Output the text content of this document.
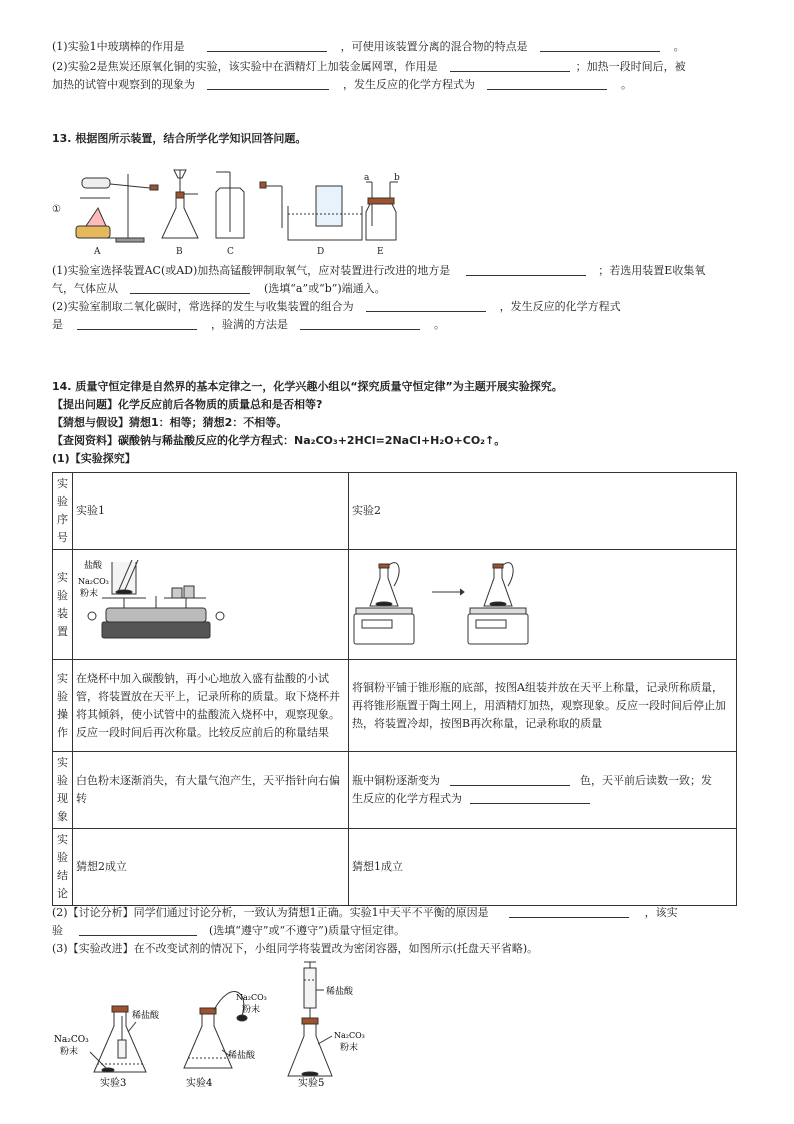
(1)实验1中玻璃棒的作用是	，可使用该装置分离的混合物的特点是	。
(2)实验2是焦炭还原氧化铜的实验，该实验中在酒精灯上加装金属网罩，作用是	；加热一段时间后，被
加热的试管中观察到的现象为	，发生反应的化学方程式为	。
13. 根据图所示装置，结合所学化学知识回答问题。
①
A	B	C	D
a	b
E
(1)实验室选择装置AC(或AD)加热高锰酸钾制取氧气，应对装置进行改进的地方是	；若选用装置E收集氧
气，气体应从	(选填“a”或“b”)端通入。
(2)实验室制取二氧化碳时，常选择的发生与收集装置的组合为	，发生反应的化学方程式
是	，验满的方法是	。
14. 质量守恒定律是自然界的基本定律之一，化学兴趣小组以“探究质量守恒定律”为主题开展实验探究。
【提出问题】化学反应前后各物质的质量总和是否相等?
【猜想与假设】猜想1：相等；猜想2：不相等。
【查阅资料】碳酸钠与稀盐酸反应的化学方程式：Na₂CO₃+2HCl=2NaCl+H₂O+CO₂↑。
(1)【实验探究】
实
验
序
号	实验1	实验2

实
验
装
置	盐酸
Na₂CO₃
粉末

实
验
操
作	在烧杯中加入碳酸钠，再小心地放入盛有盐酸的小试管，将装置放在天平上，记录所称的质量。取下烧杯并将其倾斜，使小试管中的盐酸流入烧杯中，观察现象。反应一段时间后再次称量。比较反应前后的称量结果	将铜粉平铺于锥形瓶的底部，按图A组装并放在天平上称量，记录所称质量，再将锥形瓶置于陶土网上，用酒精灯加热，观察现象。反应一段时间后停止加热，将装置冷却，按图B再次称量，记录称取的质量

实
验
现
象	白色粉末逐渐消失，有大量气泡产生，天平指针向右偏转	瓶中铜粉逐渐变为 色，天平前后读数一致；发
生反应的化学方程式为

实
验
结
论	猜想2成立	猜想1成立
(2)【讨论分析】同学们通过讨论分析，一致认为猜想1正确。实验1中天平不平衡的原因是	，该实
验	(选填“遵守”或“不遵守”)质量守恒定律。
(3)【实验改进】在不改变试剂的情况下，小组同学将装置改为密闭容器，如图所示(托盘天平省略)。
Na₂CO₃
粉末
稀盐酸
实验3
Na₂CO₃
粉末
稀盐酸
实验4
稀盐酸
Na₂CO₃
粉末
实验5
